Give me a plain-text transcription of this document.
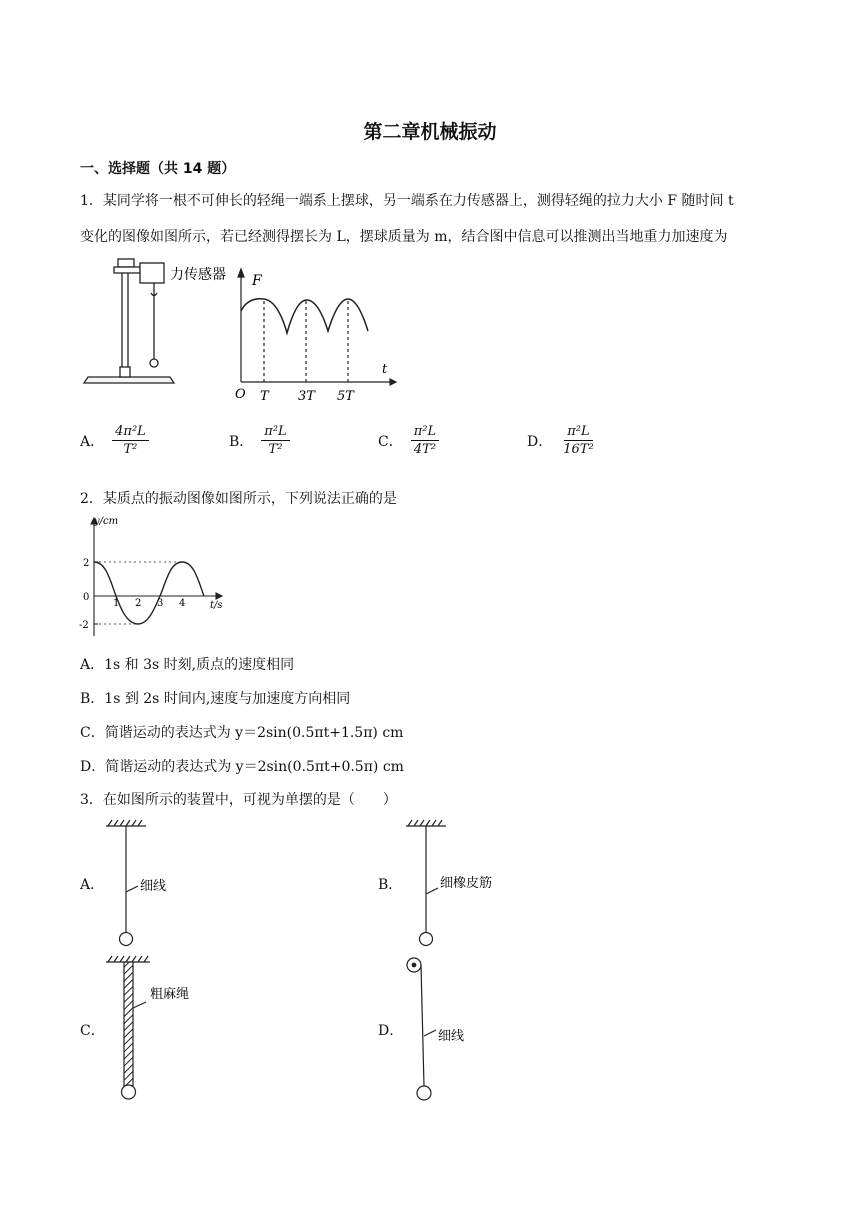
第二章机械振动
一、选择题（共 14 题）
1．某同学将一根不可伸长的轻绳一端系上摆球，另一端系在力传感器上，测得轻绳的拉力大小 F 随时间 t
变化的图像如图所示，若已经测得摆长为 L，摆球质量为 m，结合图中信息可以推测出当地重力加速度为
力传感器 F
t
O T 3T 5T
A． $\frac{\text{4π²L}}{\text{T²}}$	B． $\frac{\text{π²L}}{\text{T²}}$	C． $\frac{\text{π²L}}{\text{4T²}}$	D． $\frac{\text{π²L}}{\text{16T²}}$
2．某质点的振动图像如图所示，下列说法正确的是
y/cm
t/s
2
0
-2
1 2 3 4
A．1s 和 3s 时刻,质点的速度相同
B．1s 到 2s 时间内,速度与加速度方向相同
C．简谐运动的表达式为 y＝2sin(0.5πt+1.5π) cm
D．简谐运动的表达式为 y＝2sin(0.5πt+0.5π) cm
3．在如图所示的装置中，可视为单摆的是（　　）
A．	细线	B．	细橡皮筋
C．
粗麻绳
D．	细线
